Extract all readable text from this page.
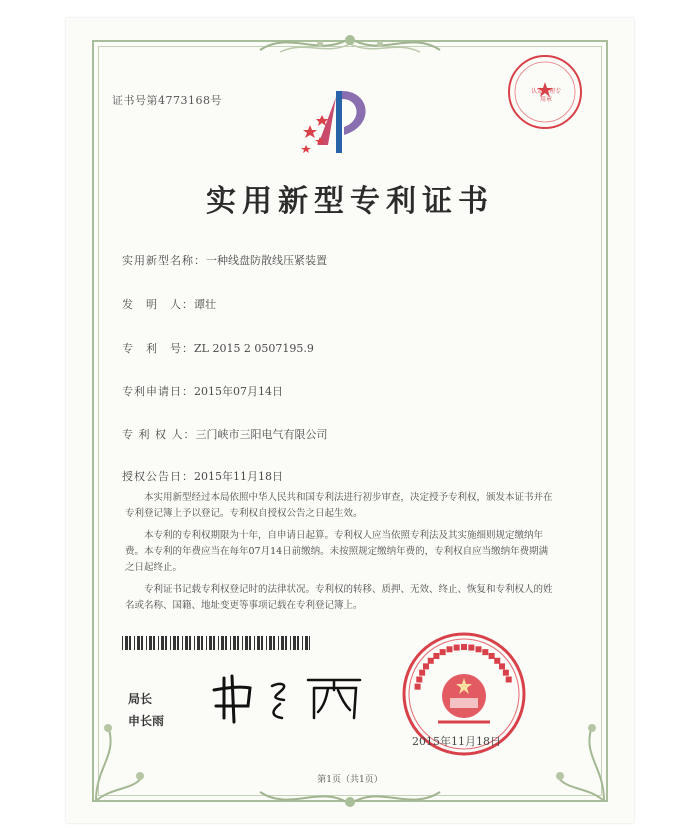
证书号第4773168号
认定代理专用章
实用新型专利证书
实用新型名称：一种线盘防散线压紧装置
发　明　人：谭壮
专　利　号：ZL 2015 2 0507195.9
专利申请日：2015年07月14日
专 利 权 人：三门峡市三阳电气有限公司
授权公告日：2015年11月18日

本实用新型经过本局依照中华人民共和国专利法进行初步审查，决定授予专利权，颁发本证书并在专利登记簿上予以登记。专利权自授权公告之日起生效。

本专利的专利权期限为十年，自申请日起算。专利权人应当依照专利法及其实施细则规定缴纳年费。本专利的年费应当在每年07月14日前缴纳。未按照规定缴纳年费的，专利权自应当缴纳年费期满之日起终止。

专利证书记载专利权登记时的法律状况。专利权的转移、质押、无效、终止、恢复和专利权人的姓名或名称、国籍、地址变更等事项记载在专利登记簿上。

局长
申长雨
2015年11月18日
第1页（共1页）
